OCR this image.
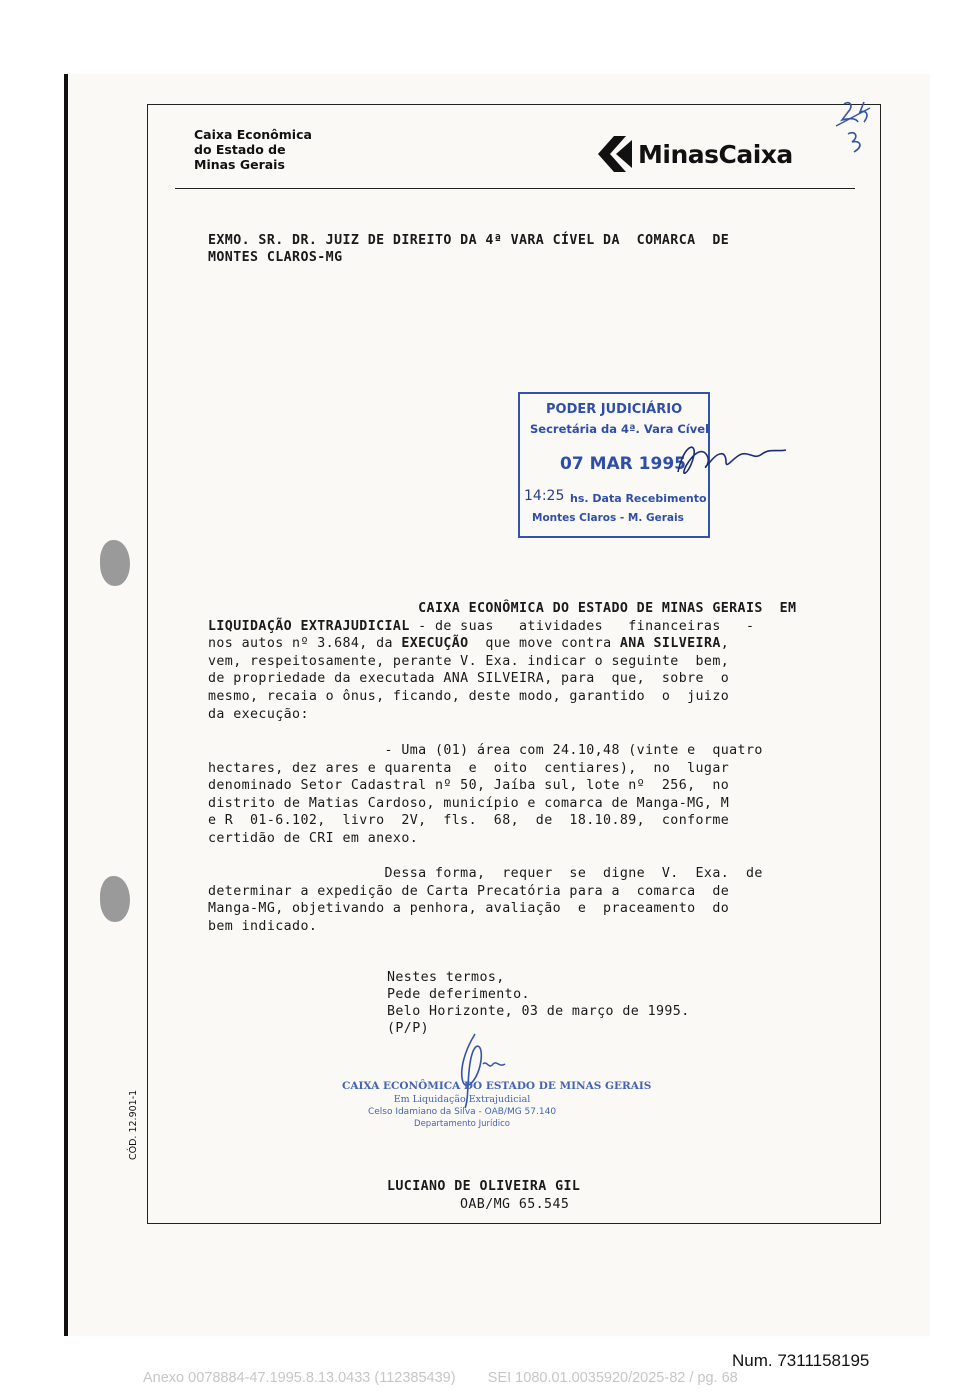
Caixa Econômica
do Estado de
Minas Gerais	MinasCaixa
EXMO. SR. DR. JUIZ DE DIREITO DA 4ª VARA CÍVEL DA  COMARCA  DE
MONTES CLAROS-MG
PODER JUDICIÁRIO
Secretária da 4ª. Vara Cível
07 MAR 1995
14:25 hs. Data Recebimento
Montes Claros - M. Gerais
CAIXA ECONÔMICA DO ESTADO DE MINAS GERAIS  EM
LIQUIDAÇÃO EXTRAJUDICIAL - de suas   atividades   financeiras   -
nos autos nº 3.684, da EXECUÇÃO  que move contra ANA SILVEIRA,
vem, respeitosamente, perante V. Exa. indicar o seguinte  bem,
de propriedade da executada ANA SILVEIRA, para  que,  sobre  o
mesmo, recaia o ônus, ficando, deste modo, garantido  o  juizo
da execução:
- Uma (01) área com 24.10,48 (vinte e  quatro
hectares, dez ares e quarenta  e  oito  centiares),  no  lugar
denominado Setor Cadastral nº 50, Jaíba sul, lote nº  256,  no
distrito de Matias Cardoso, município e comarca de Manga-MG, M
e R  01-6.102,  livro  2V,  fls.  68,  de  18.10.89,  conforme
certidão de CRI em anexo.
Dessa forma,  requer  se  digne  V.  Exa.  de
determinar a expedição de Carta Precatória para a  comarca  de
Manga-MG, objetivando a penhora, avaliação  e  praceamento  do
bem indicado.
Nestes termos,
Pede deferimento.
Belo Horizonte, 03 de março de 1995.
(P/P)
CAIXA ECONÔMICA DO ESTADO DE MINAS GERAIS
Em Liquidação Extrajudicial
Celso Idamiano da Silva - OAB/MG 57.140
Departamento Jurídico
LUCIANO DE OLIVEIRA GIL
OAB/MG 65.545
CÓD. 12.901-1
Num. 7311158195
Anexo 0078884-47.1995.8.13.0433 (112385439)        SEI 1080.01.0035920/2025-82 / pg. 68
